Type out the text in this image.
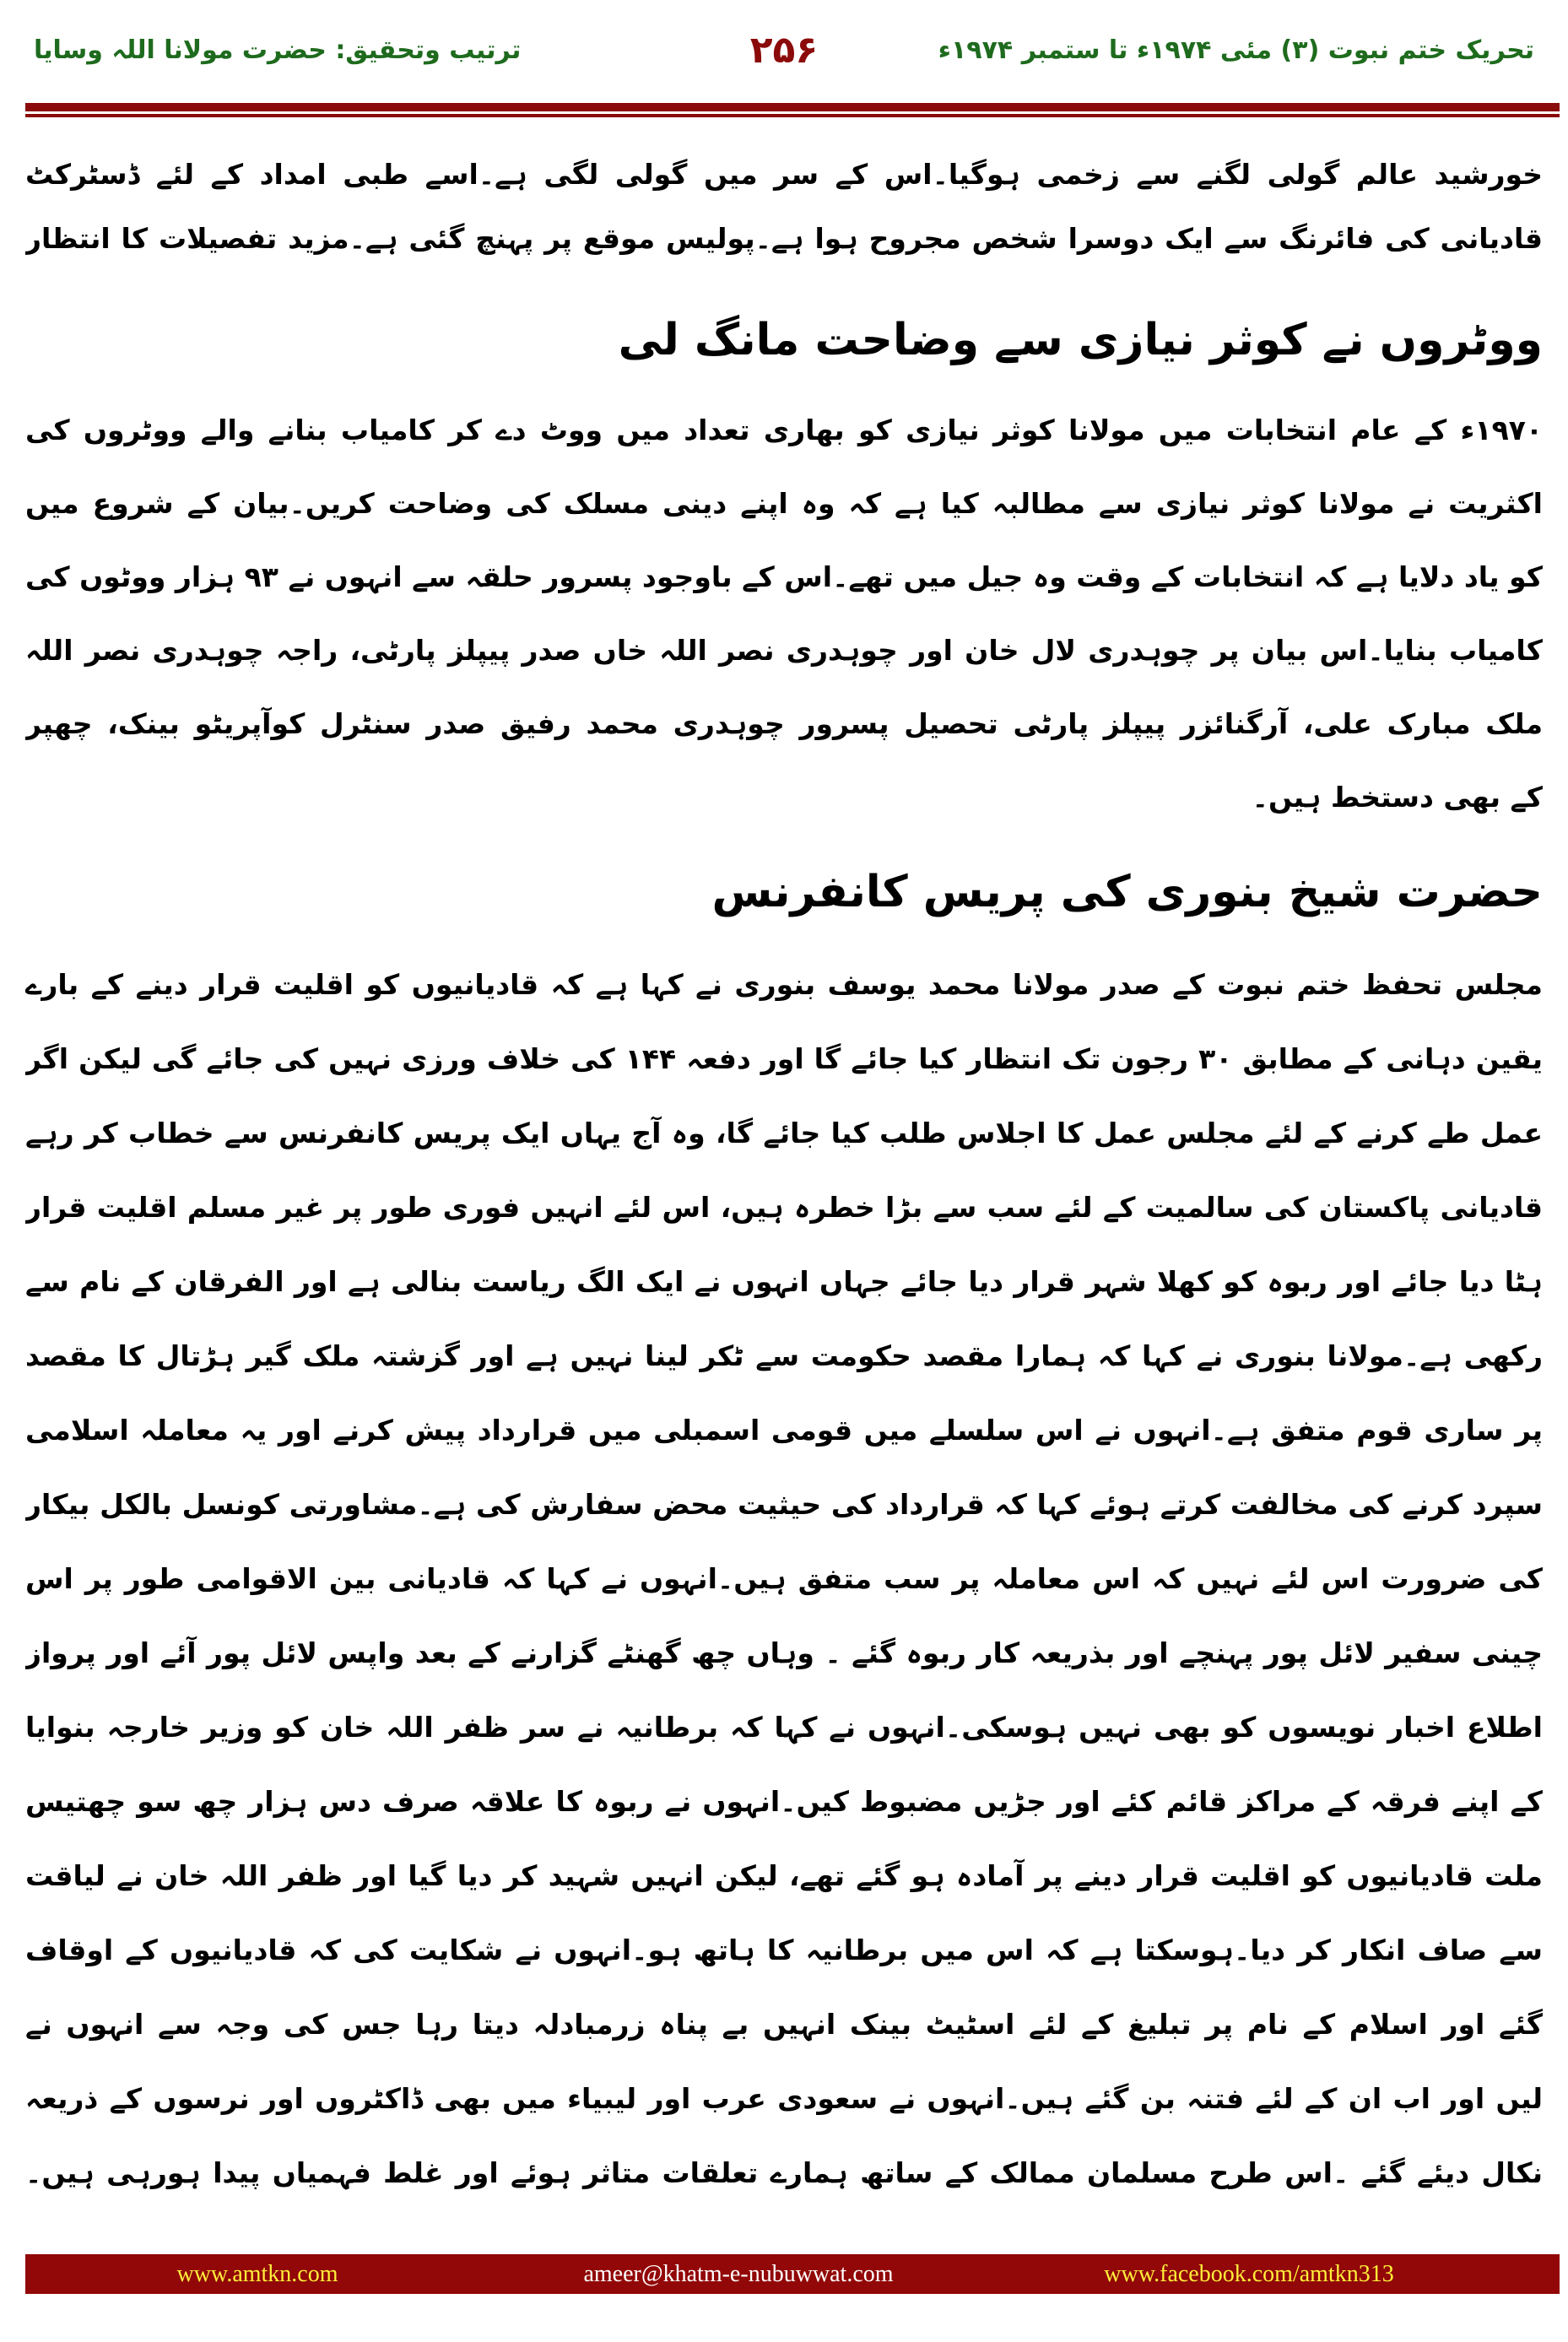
تحریک ختم نبوت (۳) مئی ۱۹۷۴ء تا ستمبر ۱۹۷۴ء
۲۵۶
ترتیب وتحقیق: حضرت مولانا اللہ وسایا
خورشید عالم گولی لگنے سے زخمی ہوگیا۔اس کے سر میں گولی لگی ہے۔اسے طبی امداد کے لئے ڈسٹرکٹ
قادیانی کی فائرنگ سے ایک دوسرا شخص مجروح ہوا ہے۔پولیس موقع پر پہنچ گئی ہے۔مزید تفصیلات کا انتظار
ووٹروں نے کوثر نیازی سے وضاحت مانگ لی
۱۹۷۰ء کے عام انتخابات میں مولانا کوثر نیازی کو بھاری تعداد میں ووٹ دے کر کامیاب بنانے والے ووٹروں کی
اکثریت نے مولانا کوثر نیازی سے مطالبہ کیا ہے کہ وہ اپنے دینی مسلک کی وضاحت کریں۔بیان کے شروع میں
کو یاد دلایا ہے کہ انتخابات کے وقت وہ جیل میں تھے۔اس کے باوجود پسرور حلقہ سے انہوں نے ۹۳ ہزار ووٹوں کی
کامیاب بنایا۔اس بیان پر چوہدری لال خان اور چوہدری نصر اللہ خاں صدر پیپلز پارٹی، راجہ چوہدری نصر اللہ
ملک مبارک علی، آرگنائزر پیپلز پارٹی تحصیل پسرور چوہدری محمد رفیق صدر سنٹرل کوآپریٹو بینک، چھپر
کے بھی دستخط ہیں۔
حضرت شیخ بنوری کی پریس کانفرنس
مجلس تحفظ ختم نبوت کے صدر مولانا محمد یوسف بنوری نے کہا ہے کہ قادیانیوں کو اقلیت قرار دینے کے بارے
یقین دہانی کے مطابق ۳۰ رجون تک انتظار کیا جائے گا اور دفعہ ۱۴۴ کی خلاف ورزی نہیں کی جائے گی لیکن اگر
عمل طے کرنے کے لئے مجلس عمل کا اجلاس طلب کیا جائے گا، وہ آج یہاں ایک پریس کانفرنس سے خطاب کر رہے
قادیانی پاکستان کی سالمیت کے لئے سب سے بڑا خطرہ ہیں، اس لئے انہیں فوری طور پر غیر مسلم اقلیت قرار
ہٹا دیا جائے اور ربوہ کو کھلا شہر قرار دیا جائے جہاں انہوں نے ایک الگ ریاست بنالی ہے اور الفرقان کے نام سے
رکھی ہے۔مولانا بنوری نے کہا کہ ہمارا مقصد حکومت سے ٹکر لینا نہیں ہے اور گزشتہ ملک گیر ہڑتال کا مقصد
پر ساری قوم متفق ہے۔انہوں نے اس سلسلے میں قومی اسمبلی میں قرارداد پیش کرنے اور یہ معاملہ اسلامی
سپرد کرنے کی مخالفت کرتے ہوئے کہا کہ قرارداد کی حیثیت محض سفارش کی ہے۔مشاورتی کونسل بالکل بیکار
کی ضرورت اس لئے نہیں کہ اس معاملہ پر سب متفق ہیں۔انہوں نے کہا کہ قادیانی بین الاقوامی طور پر اس
چینی سفیر لائل پور پہنچے اور بذریعہ کار ربوہ گئے ۔ وہاں چھ گھنٹے گزارنے کے بعد واپس لائل پور آئے اور پرواز
اطلاع اخبار نویسوں کو بھی نہیں ہوسکی۔انہوں نے کہا کہ برطانیہ نے سر ظفر اللہ خان کو وزیر خارجہ بنوایا
کے اپنے فرقہ کے مراکز قائم کئے اور جڑیں مضبوط کیں۔انہوں نے ربوہ کا علاقہ صرف دس ہزار چھ سو چھتیس
ملت قادیانیوں کو اقلیت قرار دینے پر آمادہ ہو گئے تھے، لیکن انہیں شہید کر دیا گیا اور ظفر اللہ خان نے لیاقت
سے صاف انکار کر دیا۔ہوسکتا ہے کہ اس میں برطانیہ کا ہاتھ ہو۔انہوں نے شکایت کی کہ قادیانیوں کے اوقاف
گئے اور اسلام کے نام پر تبلیغ کے لئے اسٹیٹ بینک انہیں بے پناہ زرمبادلہ دیتا رہا جس کی وجہ سے انہوں نے
لیں اور اب ان کے لئے فتنہ بن گئے ہیں۔انہوں نے سعودی عرب اور لیبیاء میں بھی ڈاکٹروں اور نرسوں کے ذریعہ
نکال دیئے گئے ۔اس طرح مسلمان ممالک کے ساتھ ہمارے تعلقات متاثر ہوئے اور غلط فہمیاں پیدا ہورہی ہیں۔
www.amtkn.com	ameer@khatm-e-nubuwwat.com	www.facebook.com/amtkn313
